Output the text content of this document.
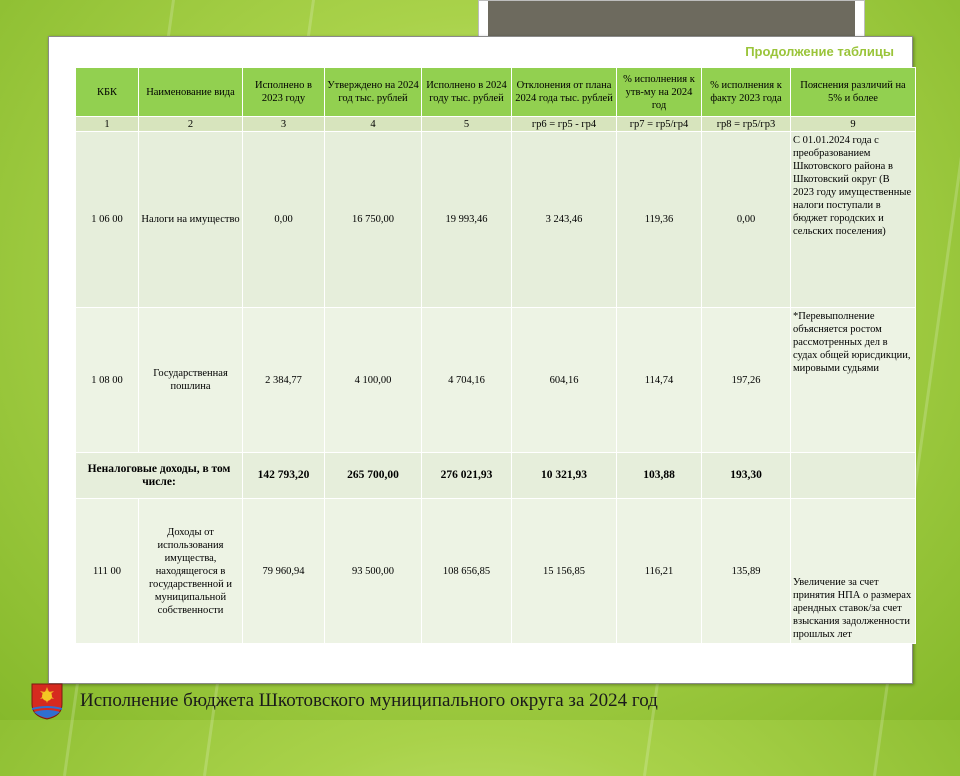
Продолжение таблицы
КБК	Наименование вида	Исполнено в 2023 году	Утверждено на 2024 год тыс. рублей	Исполнено в 2024 году тыс. рублей	Отклонения от плана 2024 года тыс. рублей	% исполнения к утв-му на 2024 год	% исполнения к факту 2023 года	Пояснения различий на 5% и более
1	2	3	4	5	гр6 = гр5 - гр4	гр7 = гр5/гр4	гр8 = гр5/гр3	9
1 06 00	Налоги на имущество	0,00	16 750,00	19 993,46	3 243,46	119,36	0,00	С 01.01.2024 года с преобразованием Шкотовского района в Шкотовский округ (В 2023 году имущественные налоги поступали в бюджет городских и сельских поселения)
1 08 00	Государственная пошлина	2 384,77	4 100,00	4 704,16	604,16	114,74	197,26	*Перевыполнение объясняется ростом рассмотренных дел в судах общей юрисдикции, мировыми судьями
Неналоговые доходы, в том числе:		142 793,20	265 700,00	276 021,93	10 321,93	103,88	193,30	
111 00	Доходы от использования имущества, находящегося в государственной и муниципальной собственности	79 960,94	93 500,00	108 656,85	15 156,85	116,21	135,89	Увеличение за счет принятия НПА о размерах арендных ставок/за счет взыскания задолженности прошлых лет
Исполнение бюджета Шкотовского муниципального округа за 2024 год
